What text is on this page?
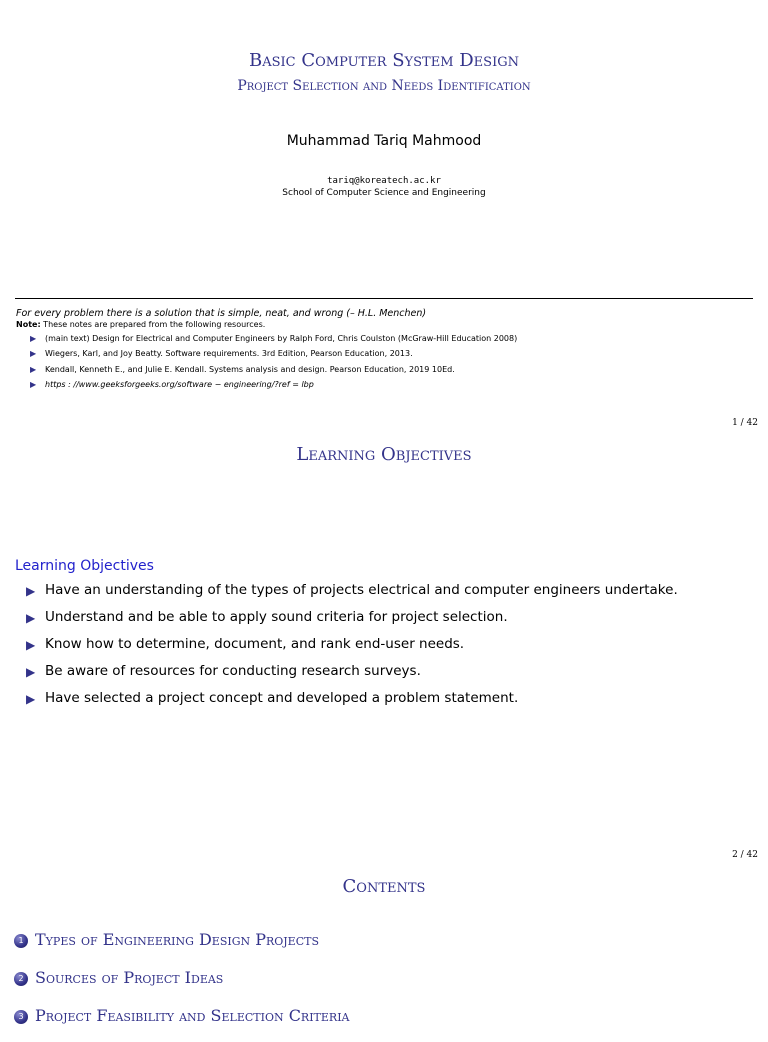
Basic Computer System Design
Project Selection and Needs Identification
Muhammad Tariq Mahmood
tariq@koreatech.ac.kr
School of Computer Science and Engineering
For every problem there is a solution that is simple, neat, and wrong (– H.L. Menchen)
Note: These notes are prepared from the following resources.
▶ (main text) Design for Electrical and Computer Engineers by Ralph Ford, Chris Coulston (McGraw-Hill Education 2008)
▶ Wiegers, Karl, and Joy Beatty. Software requirements. 3rd Edition, Pearson Education, 2013.
▶ Kendall, Kenneth E., and Julie E. Kendall. Systems analysis and design. Pearson Education, 2019 10Ed.
▶ https : //www.geeksforgeeks.org/software − engineering/?ref = lbp
1 / 42
Learning Objectives
Learning Objectives
▶ Have an understanding of the types of projects electrical and computer engineers undertake.
▶ Understand and be able to apply sound criteria for project selection.
▶ Know how to determine, document, and rank end-user needs.
▶ Be aware of resources for conducting research surveys.
▶ Have selected a project concept and developed a problem statement.
2 / 42
Contents
1 Types of Engineering Design Projects
2 Sources of Project Ideas
3 Project Feasibility and Selection Criteria
